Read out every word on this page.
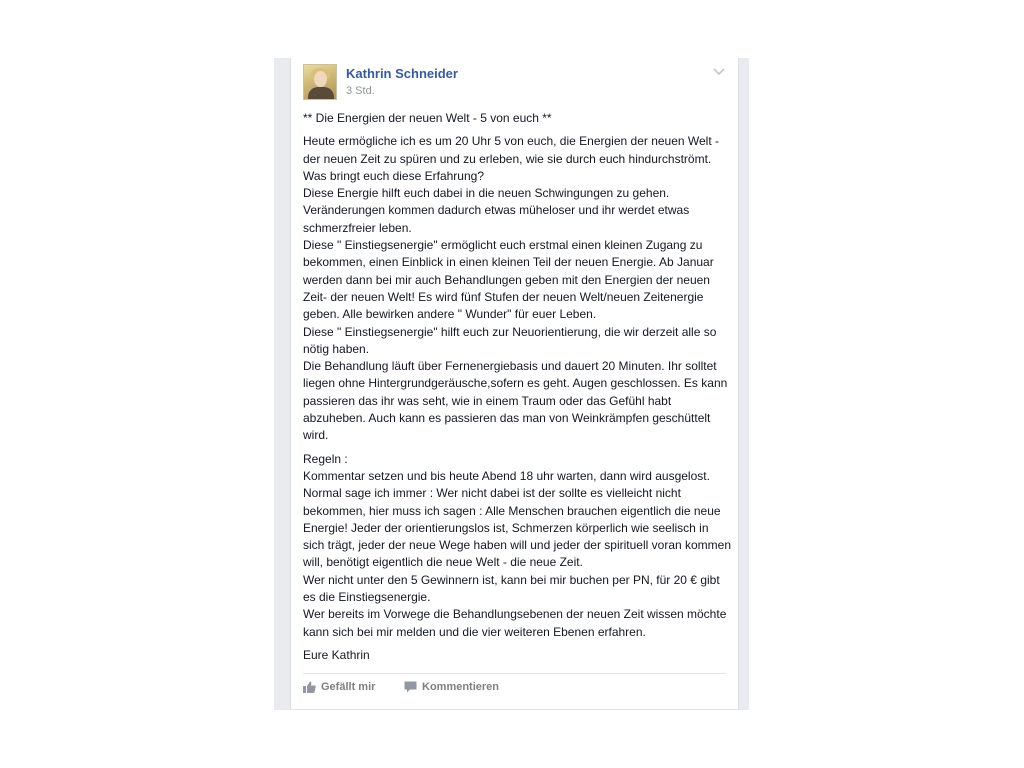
Kathrin Schneider
3 Std.

** Die Energien der neuen Welt - 5 von euch **

Heute ermögliche ich es um 20 Uhr 5 von euch, die Energien der neuen Welt - der neuen Zeit zu spüren und zu erleben, wie sie durch euch hindurchströmt.
Was bringt euch diese Erfahrung?
Diese Energie hilft euch dabei in die neuen Schwingungen zu gehen. Veränderungen kommen dadurch etwas müheloser und ihr werdet etwas schmerzfreier leben.
Diese " Einstiegsenergie" ermöglicht euch erstmal einen kleinen Zugang zu bekommen, einen Einblick in einen kleinen Teil der neuen Energie. Ab Januar werden dann bei mir auch Behandlungen geben mit den Energien der neuen Zeit- der neuen Welt! Es wird fünf Stufen der neuen Welt/neuen Zeitenergie geben. Alle bewirken andere " Wunder" für euer Leben.
Diese " Einstiegsenergie" hilft euch zur Neuorientierung, die wir derzeit alle so nötig haben.
Die Behandlung läuft über Fernenergiebasis und dauert 20 Minuten. Ihr solltet liegen ohne Hintergrundgeräusche,sofern es geht. Augen geschlossen. Es kann passieren das ihr was seht, wie in einem Traum oder das Gefühl habt abzuheben. Auch kann es passieren das man von Weinkrämpfen geschüttelt wird.

Regeln :
Kommentar setzen und bis heute Abend 18 uhr warten, dann wird ausgelost.
Normal sage ich immer : Wer nicht dabei ist der sollte es vielleicht nicht bekommen, hier muss ich sagen : Alle Menschen brauchen eigentlich die neue Energie! Jeder der orientierungslos ist, Schmerzen körperlich wie seelisch in sich trägt, jeder der neue Wege haben will und jeder der spirituell voran kommen will, benötigt eigentlich die neue Welt - die neue Zeit.
Wer nicht unter den 5 Gewinnern ist, kann bei mir buchen per PN, für 20 € gibt es die Einstiegsenergie.
Wer bereits im Vorwege die Behandlungsebenen der neuen Zeit wissen möchte kann sich bei mir melden und die vier weiteren Ebenen erfahren.

Eure Kathrin

Gefällt mir	Kommentieren
